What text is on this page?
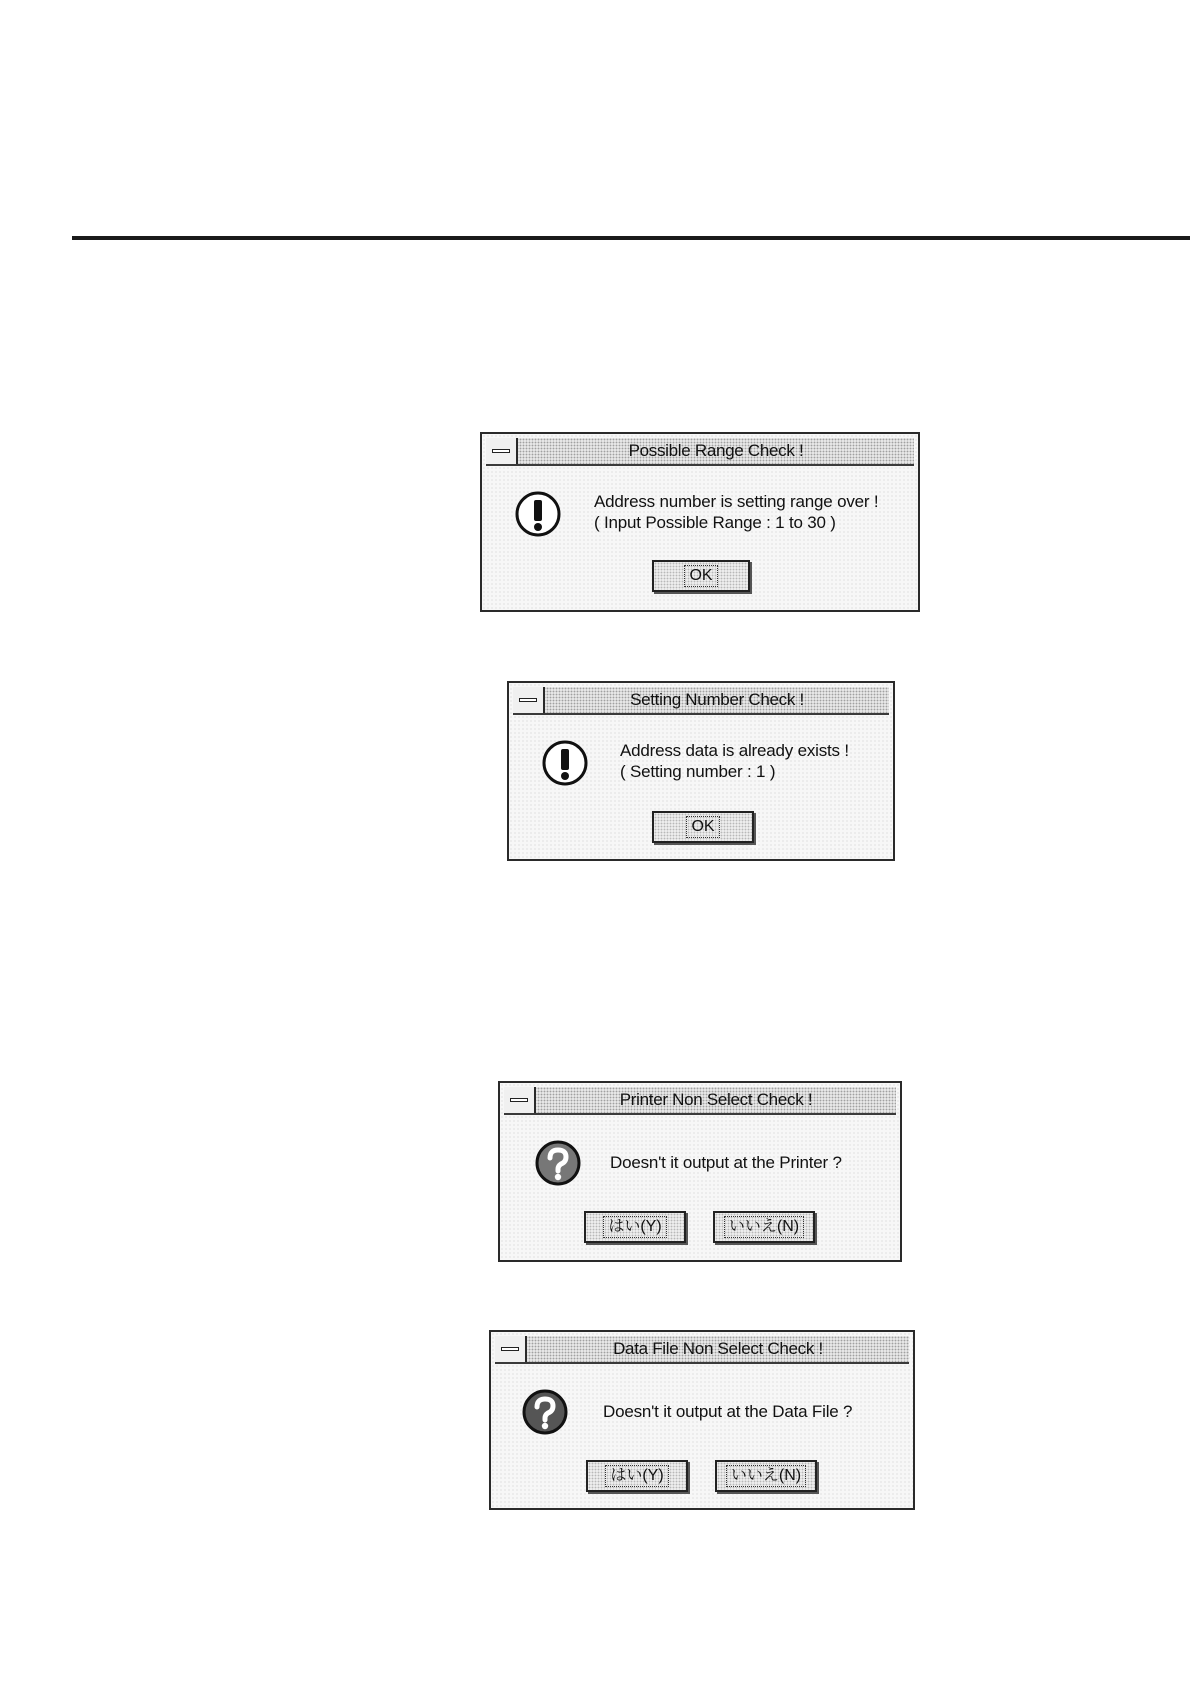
Possible Range Check !
Address number is setting range over !
( Input Possible Range : 1 to 30 )
OK
Setting Number Check !
Address data is already exists !
( Setting number : 1 )
OK
Printer Non Select Check !
Doesn't it output at the Printer ?
はい(Y)	いいえ(N)
Data File Non Select Check !
Doesn't it output at the Data File ?
はい(Y)	いいえ(N)
